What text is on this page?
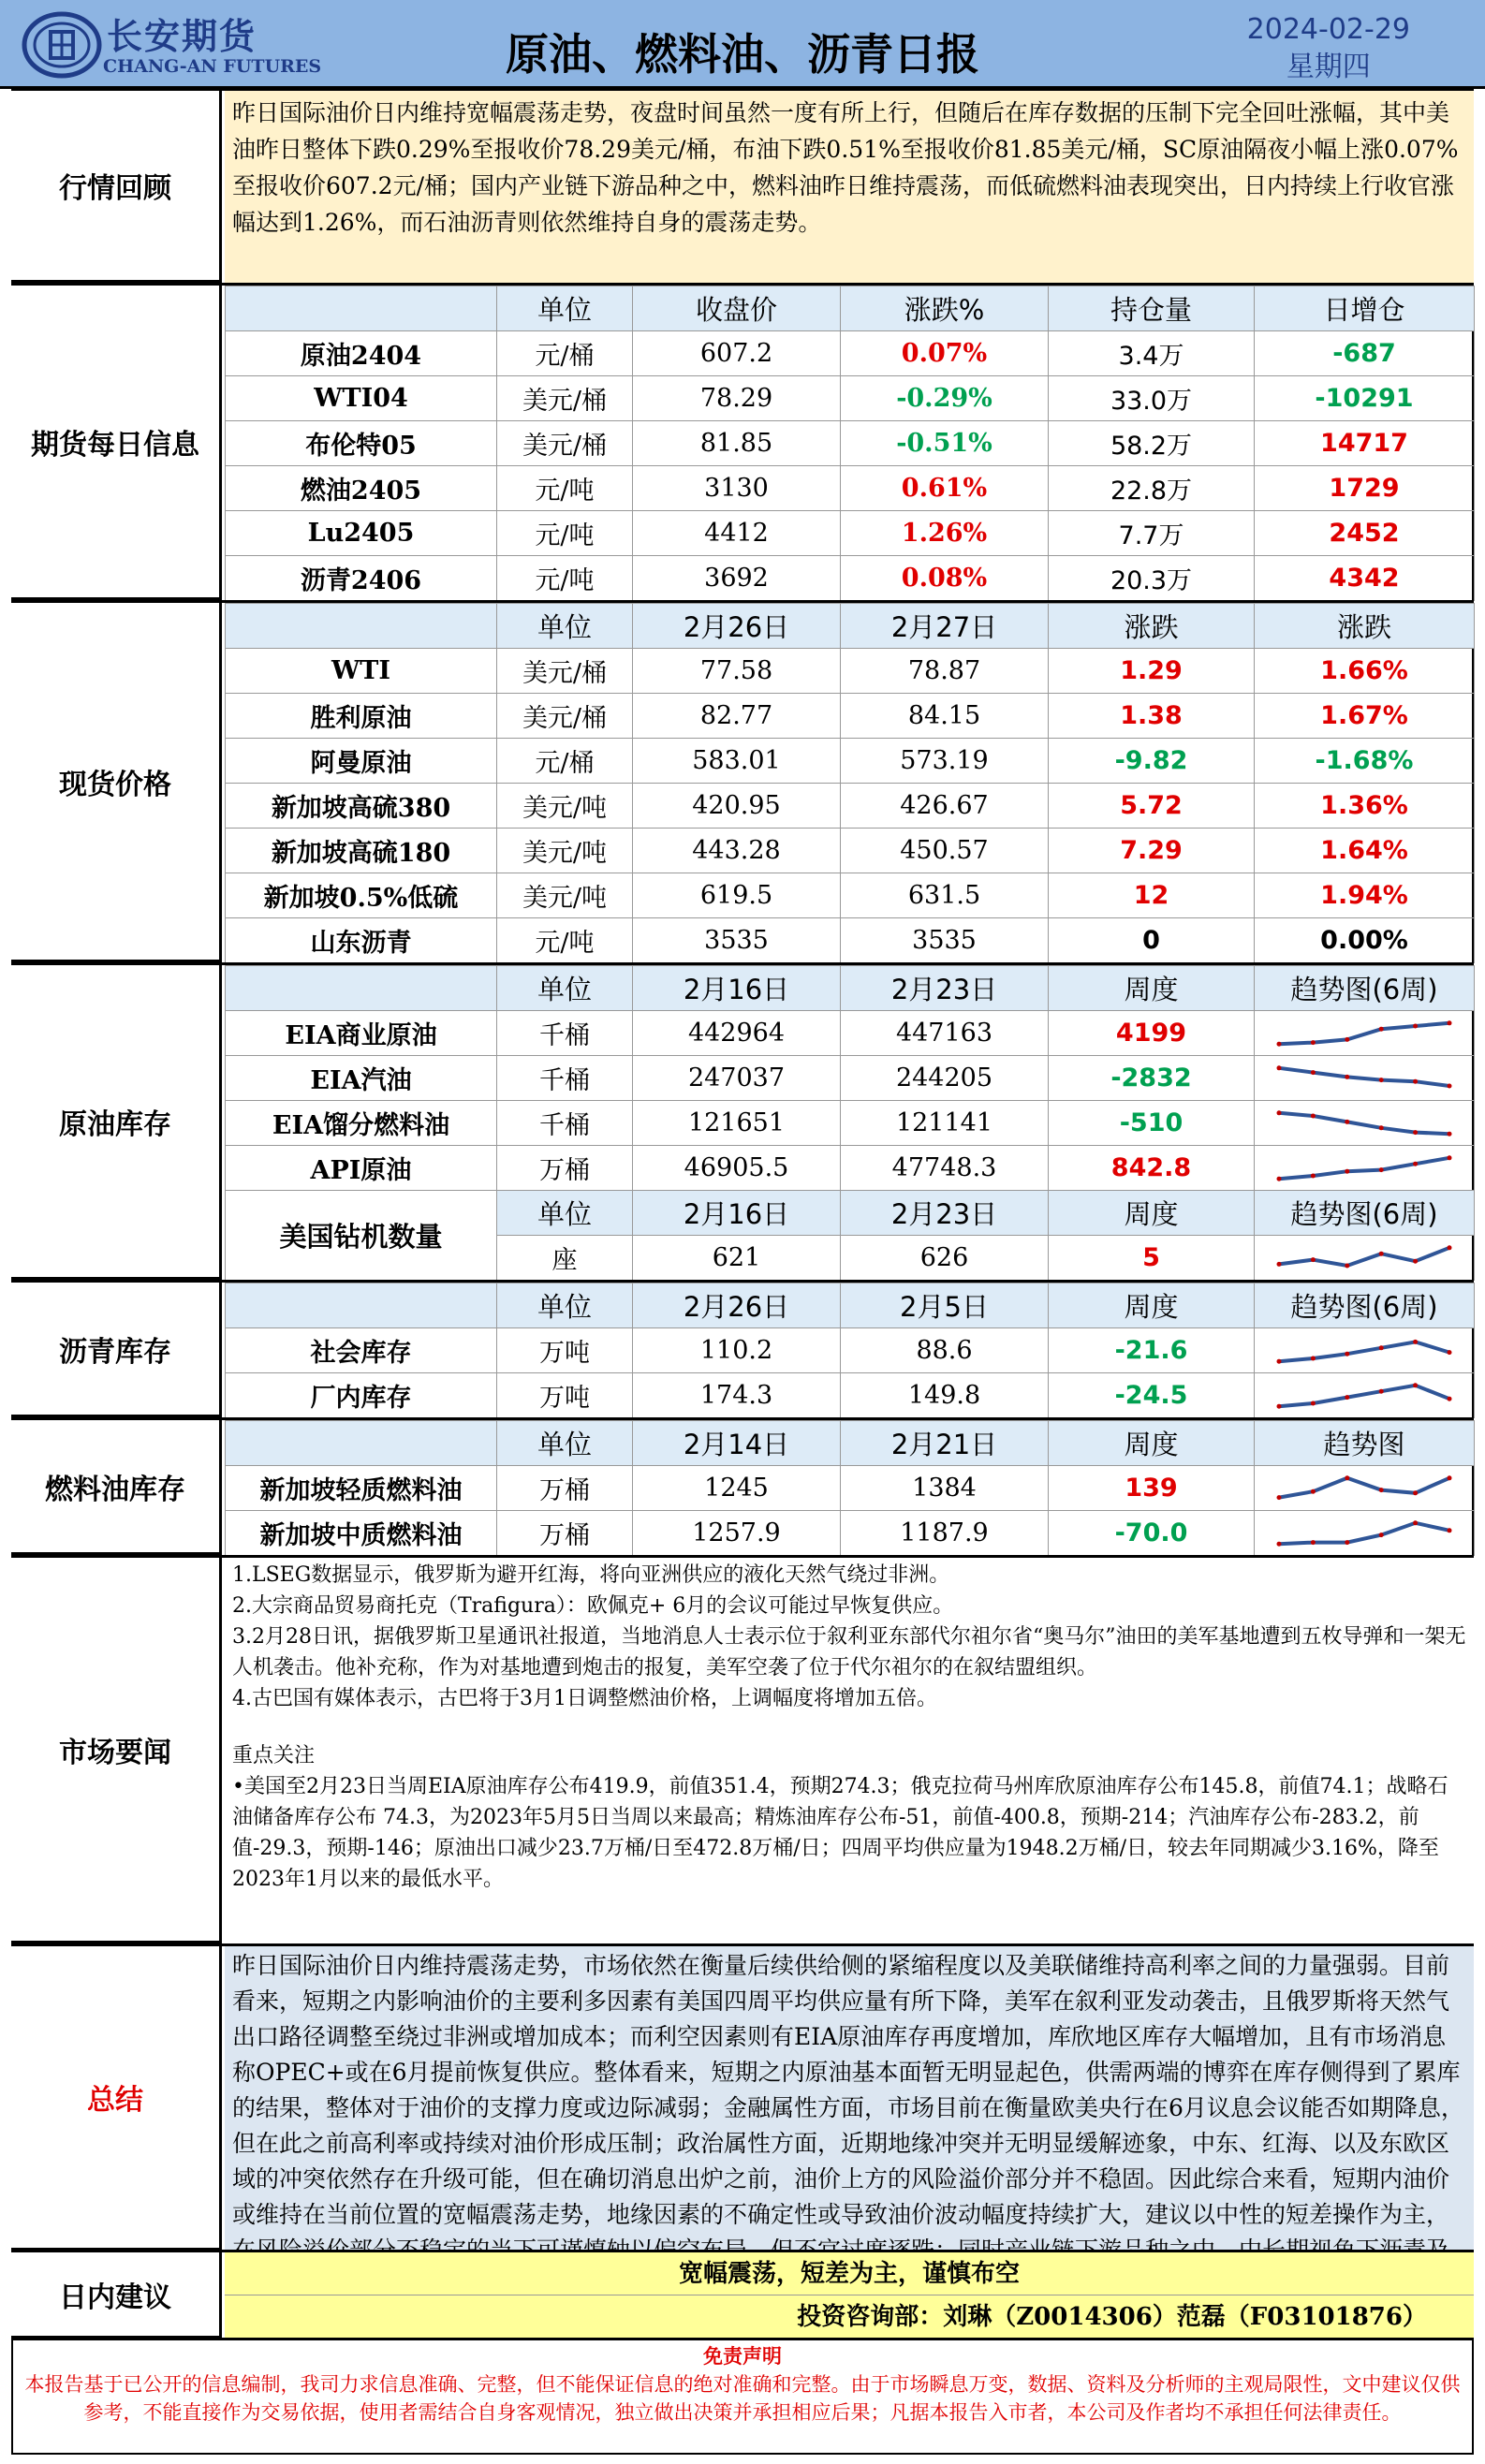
长安期货
CHANG-AN FUTURES	原油、燃料油、沥青日报	2024-02-29
星期四
行情回顾
昨日国际油价日内维持宽幅震荡走势，夜盘时间虽然一度有所上行，但随后在库存数据的压制下完全回吐涨幅，其中美油昨日整体下跌0.29%至报收价78.29美元/桶，布油下跌0.51%至报收价81.85美元/桶，SC原油隔夜小幅上涨0.07%至报收价607.2元/桶；国内产业链下游品种之中，燃料油昨日维持震荡，而低硫燃料油表现突出，日内持续上行收官涨幅达到1.26%，而石油沥青则依然维持自身的震荡走势。
期货每日信息
	单位	收盘价	涨跌%	持仓量	日增仓
原油2404	元/桶	607.2	0.07%	3.4万	-687
WTI04	美元/桶	78.29	-0.29%	33.0万	-10291
布伦特05	美元/桶	81.85	-0.51%	58.2万	14717
燃油2405	元/吨	3130	0.61%	22.8万	1729
Lu2405	元/吨	4412	1.26%	7.7万	2452
沥青2406	元/吨	3692	0.08%	20.3万	4342
现货价格
	单位	2月26日	2月27日	涨跌	涨跌
WTI	美元/桶	77.58	78.87	1.29	1.66%
胜利原油	美元/桶	82.77	84.15	1.38	1.67%
阿曼原油	元/桶	583.01	573.19	-9.82	-1.68%
新加坡高硫380	美元/吨	420.95	426.67	5.72	1.36%
新加坡高硫180	美元/吨	443.28	450.57	7.29	1.64%
新加坡0.5%低硫	美元/吨	619.5	631.5	12	1.94%
山东沥青	元/吨	3535	3535	0	0.00%
原油库存
	单位	2月16日	2月23日	周度	趋势图(6周)
EIA商业原油	千桶	442964	447163	4199	

EIA汽油	千桶	247037	244205	-2832	

EIA馏分燃料油	千桶	121651	121141	-510	

API原油	万桶	46905.5	47748.3	842.8	

美国钻机数量	单位	2月16日	2月23日	周度	趋势图(6周)
	座	621	626	5	
沥青库存
	单位	2月26日	2月5日	周度	趋势图(6周)
社会库存	万吨	110.2	88.6	-21.6	

厂内库存	万吨	174.3	149.8	-24.5	
燃料油库存
	单位	2月14日	2月21日	周度	趋势图
新加坡轻质燃料油	万桶	1245	1384	139	

新加坡中质燃料油	万桶	1257.9	1187.9	-70.0	
市场要闻
1.LSEG数据显示，俄罗斯为避开红海，将向亚洲供应的液化天然气绕过非洲。
2.大宗商品贸易商托克（Trafigura）：欧佩克+ 6月的会议可能过早恢复供应。
3.2月28日讯，据俄罗斯卫星通讯社报道，当地消息人士表示位于叙利亚东部代尔祖尔省“奥马尔”油田的美军基地遭到五枚导弹和一架无人机袭击。他补充称，作为对基地遭到炮击的报复，美军空袭了位于代尔祖尔的在叙结盟组织。
4.古巴国有媒体表示，古巴将于3月1日调整燃油价格，上调幅度将增加五倍。
重点关注
•美国至2月23日当周EIA原油库存公布419.9，前值351.4，预期274.3；俄克拉荷马州库欣原油库存公布145.8，前值74.1；战略石油储备库存公布 74.3，为2023年5月5日当周以来最高；精炼油库存公布-51，前值-400.8，预期-214；汽油库存公布-283.2，前值-29.3，预期-146；原油出口减少23.7万桶/日至472.8万桶/日；四周平均供应量为1948.2万桶/日，较去年同期减少3.16%，降至2023年1月以来的最低水平。
总结
昨日国际油价日内维持震荡走势，市场依然在衡量后续供给侧的紧缩程度以及美联储维持高利率之间的力量强弱。目前看来，短期之内影响油价的主要利多因素有美国四周平均供应量有所下降，美军在叙利亚发动袭击，且俄罗斯将天然气出口路径调整至绕过非洲或增加成本；而利空因素则有EIA原油库存再度增加，库欣地区库存大幅增加，且有市场消息称OPEC+或在6月提前恢复供应。整体看来，短期之内原油基本面暂无明显起色，供需两端的博弈在库存侧得到了累库的结果，整体对于油价的支撑力度或边际减弱；金融属性方面，市场目前在衡量欧美央行在6月议息会议能否如期降息，但在此之前高利率或持续对油价形成压制；政治属性方面，近期地缘冲突并无明显缓解迹象，中东、红海、以及东欧区域的冲突依然存在升级可能，但在确切消息出炉之前，油价上方的风险溢价部分并不稳固。因此综合来看，短期内油价或维持在当前位置的宽幅震荡走势，地缘因素的不确定性或导致油价波动幅度持续扩大，建议以中性的短差操作为主，
日内建议
宽幅震荡，短差为主，谨慎布空
投资咨询部：刘琳（Z0014306）范磊（F03101876）
免责声明
本报告基于已公开的信息编制，我司力求信息准确、完整，但不能保证信息的绝对准确和完整。由于市场瞬息万变，数据、资料及分析师的主观局限性，文中建议仅供参考，不能直接作为交易依据，使用者需结合自身客观情况，独立做出决策并承担相应后果；凡据本报告入市者，本公司及作者均不承担任何法律责任。
